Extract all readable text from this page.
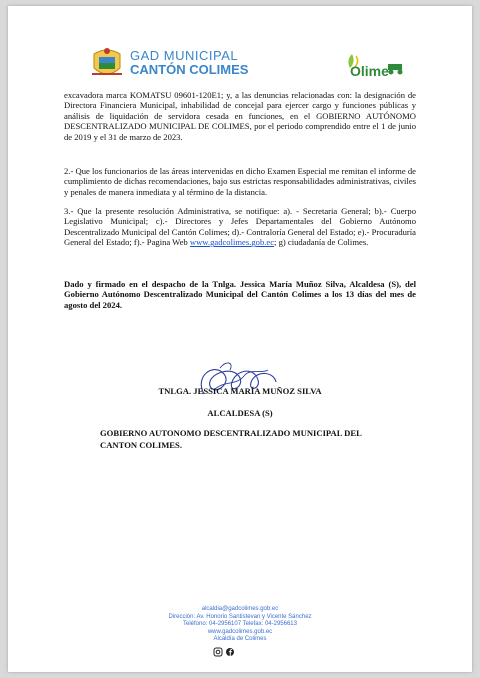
GAD MUNICIPAL
CANTÓN COLIMES	Olime
excavadora marca KOMATSU 09601-120E1; y, a las denuncias relacionadas con: la designación de Directora Financiera Municipal, inhabilidad de concejal para ejercer cargo y funciones públicas y análisis de liquidación de servidora cesada en funciones, en el GOBIERNO AUTÓNOMO DESCENTRALIZADO MUNICIPAL DE COLIMES, por el periodo comprendido entre el 1 de junio de 2019 y el 31 de marzo de 2023.
2.- Que los funcionarios de las áreas intervenidas en dicho Examen Especial me remitan el informe de cumplimiento de dichas recomendaciones, bajo sus estrictas responsabilidades administrativas, civiles y penales de manera inmediata y al término de la distancia.
3.- Que la presente resolución Administrativa, se notifique: a). - Secretaria General; b).- Cuerpo Legislativo Municipal; c).- Directores y Jefes Departamentales del Gobierno Autónomo Descentralizado Municipal del Cantón Colimes; d).- Contraloría General del Estado; e).- Procuraduría General del Estado; f).- Pagina Web www.gadcolimes.gob.ec; g) ciudadanía de Colimes.
Dado y firmado en el despacho de la Tnlga. Jessica María Muñoz Silva, Alcaldesa (S), del Gobierno Autónomo Descentralizado Municipal del Cantón Colimes a los 13 días del mes de agosto del 2024.
TNLGA. JESSICA MARÍA MUÑOZ SILVA
ALCALDESA (S)
GOBIERNO AUTONOMO DESCENTRALIZADO MUNICIPAL DEL CANTON COLIMES.
alcaldia@gadcolimes.gob.ec
Dirección: Av. Honorio Santistevan y Vicente Sánchez
Teléfono: 04-2956107 Telefax: 04-2956613
www.gadcolimes.gob.ec
Alcaldía de Colimes
